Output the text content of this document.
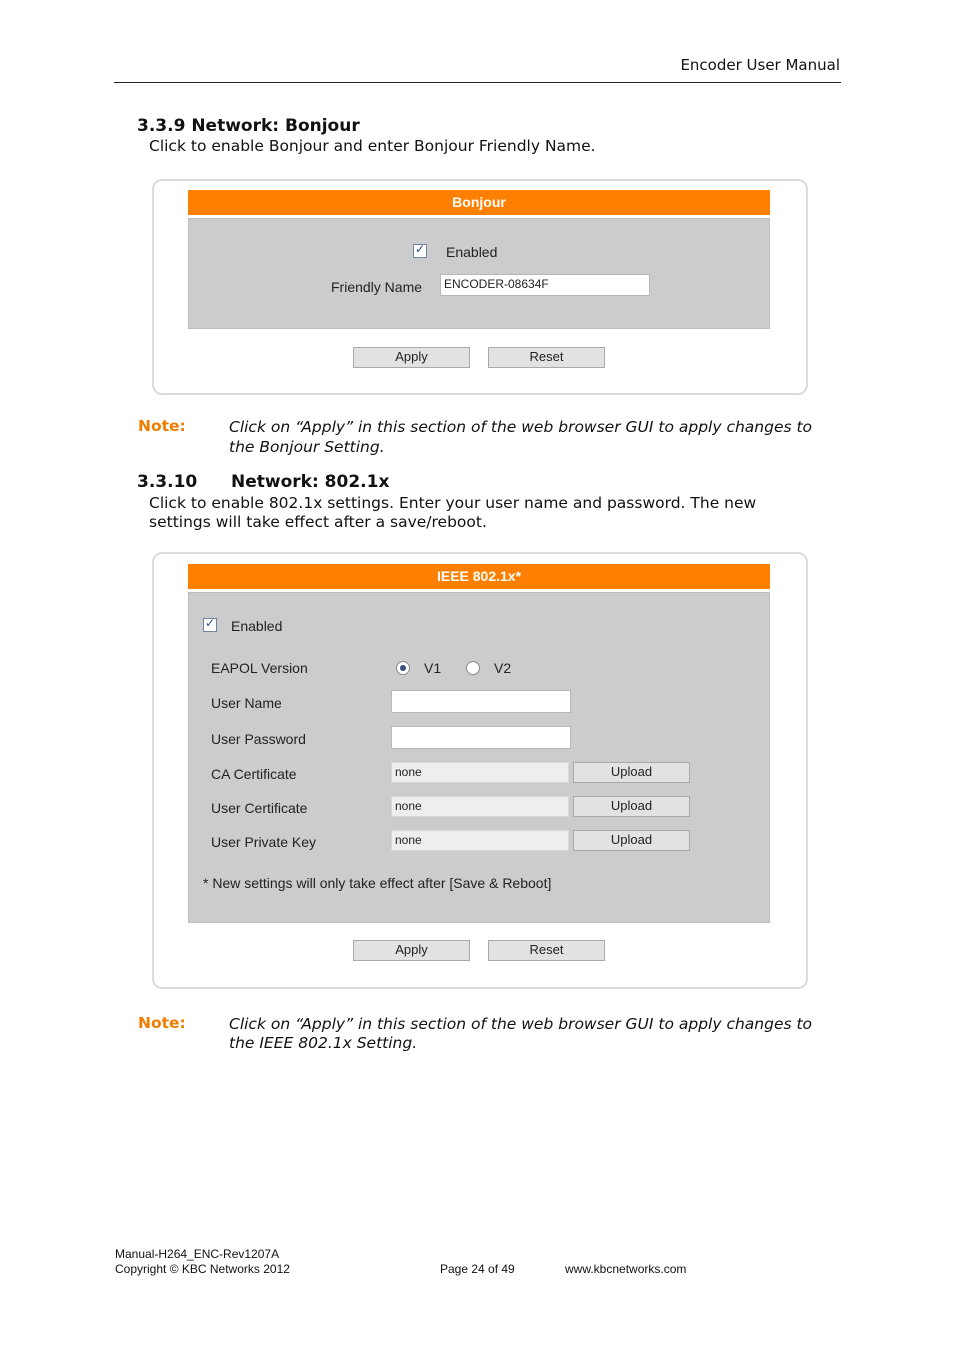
Encoder User Manual
3.3.9 Network: Bonjour
Click to enable Bonjour and enter Bonjour Friendly Name.
Bonjour
✓
Enabled
Friendly Name	ENCODER-08634F
Apply	Reset
Note:	Click on “Apply” in this section of the web browser GUI to apply changes to
the Bonjour Setting.
3.3.10 Network: 802.1x
Click to enable 802.1x settings. Enter your user name and password. The new
settings will take effect after a save/reboot.
IEEE 802.1x*
✓
Enabled
EAPOL Version	V1	V2
User Name
User Password
CA Certificate	none	Upload
User Certificate	none	Upload
User Private Key	none	Upload
* New settings will only take effect after [Save & Reboot]
Apply	Reset
Note:	Click on “Apply” in this section of the web browser GUI to apply changes to
the IEEE 802.1x Setting.
Manual-H264_ENC-Rev1207A
Copyright © KBC Networks 2012	Page 24 of 49	www.kbcnetworks.com
